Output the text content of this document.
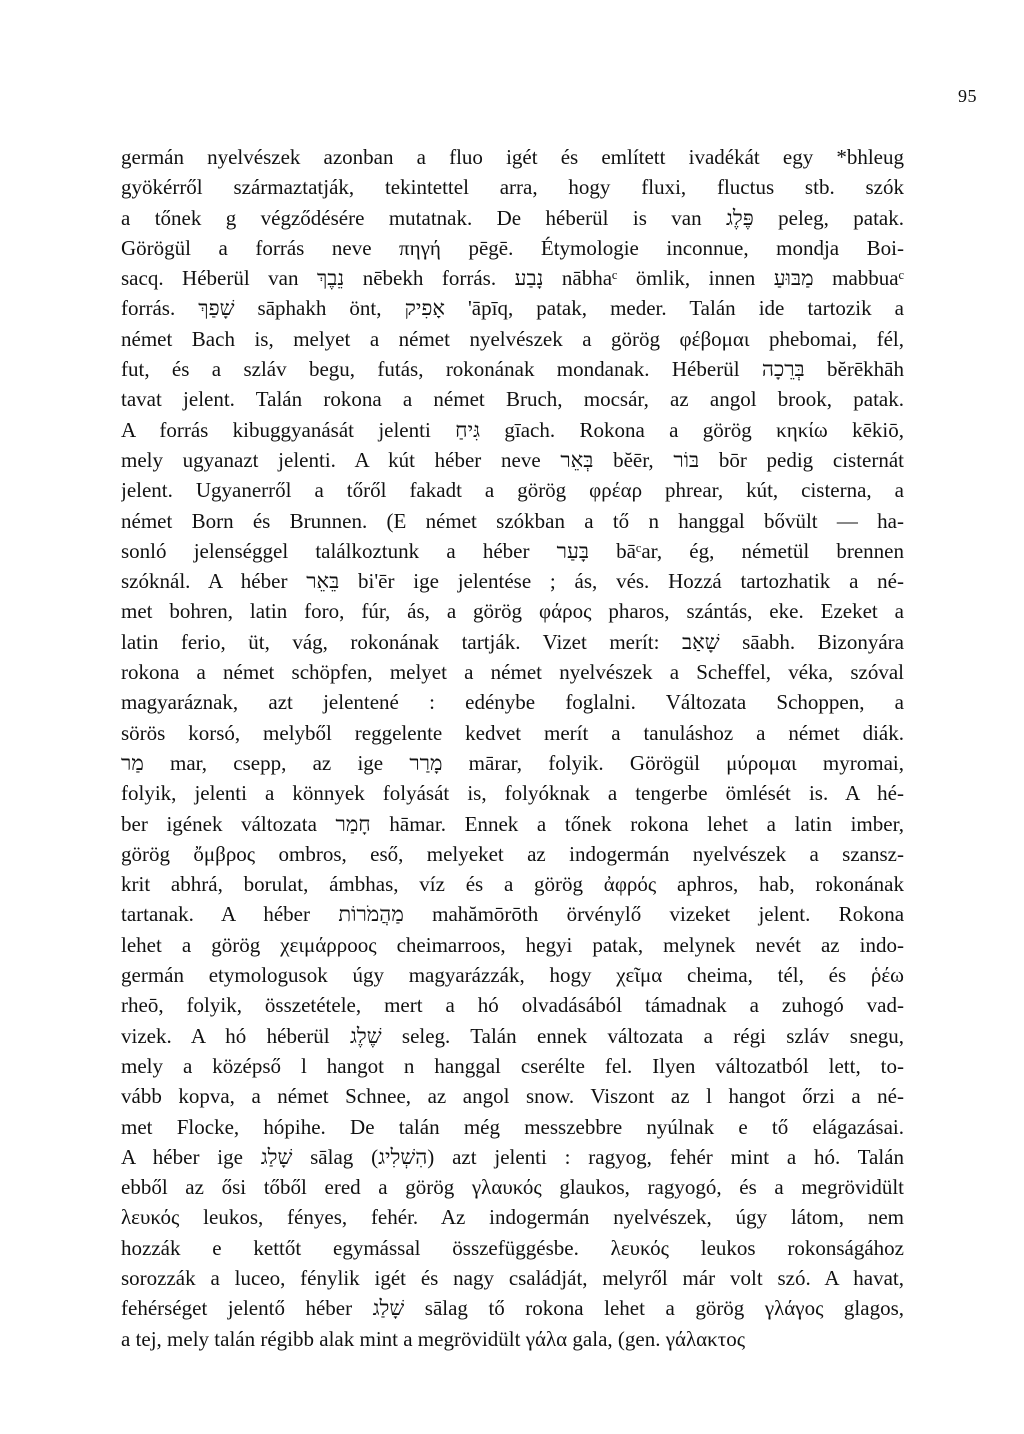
95
germán nyelvészek azonban a fluo igét és említett ivadékát egy *bhleug
gyökérről származtatják, tekintettel arra, hogy fluxi, fluctus stb. szók
a tőnek g végződésére mutatnak. De héberül is van פֶּלֶג peleg, patak.
Görögül a forrás neve πηγή pēgē. Étymologie inconnue, mondja Boi-
sacq. Héberül van נֵבֶךְ nēbekh forrás. נָבַע nābhaᶜ ömlik, innen מַבּוּעַ mabbuaᶜ
forrás. שָׁפַךְ sāphakh önt, אָפִיק 'āpīq, patak, meder. Talán ide tartozik a
német Bach is, melyet a német nyelvészek a görög φέβομαι phebomai, fél,
fut, és a szláv begu, futás, rokonának mondanak. Héberül בְּרֵכָה bĕrēkhāh
tavat jelent. Talán rokona a német Bruch, mocsár, az angol brook, patak.
A forrás kibuggyanását jelenti גִּיחַ gīach. Rokona a görög κηκίω kēkiō,
mely ugyanazt jelenti. A kút héber neve בְּאֵר bĕēr, בּוֹר bōr pedig cisternát
jelent. Ugyanerről a tőről fakadt a görög φρέαρ phrear, kút, cisterna, a
német Born és Brunnen. (E német szókban a tő n hanggal bővült — ha-
sonló jelenséggel találkoztunk a héber בָּעַר bāᶜar, ég, németül brennen
szóknál. A héber בֵּאֵר bi'ēr ige jelentése ; ás, vés. Hozzá tartozhatik a né-
met bohren, latin foro, fúr, ás, a görög φάρος pharos, szántás, eke. Ezeket a
latin ferio, üt, vág, rokonának tartják. Vizet merít: שָׁאַב sāabh. Bizonyára
rokona a német schöpfen, melyet a német nyelvészek a Scheffel, véka, szóval
magyaráznak, azt jelentené : edénybe foglalni. Változata Schoppen, a
sörös korsó, melyből reggelente kedvet merít a tanuláshoz a német diák.
מַר mar, csepp, az ige מָרַר mārar, folyik. Görögül μύρομαι myromai,
folyik, jelenti a könnyek folyását is, folyóknak a tengerbe ömlését is. A hé-
ber igének változata חָמַר hāmar. Ennek a tőnek rokona lehet a latin imber,
görög ὄμβρος ombros, eső, melyeket az indogermán nyelvészek a szansz-
krit abhrá, borulat, ámbhas, víz és a görög ἀφρός aphros, hab, rokonának
tartanak. A héber מַהֲמֹרוֹת mahămōrōth örvénylő vizeket jelent. Rokona
lehet a görög χειμάρροος cheimarroos, hegyi patak, melynek nevét az indo-
germán etymologusok úgy magyarázzák, hogy χεῖμα cheima, tél, és ῥέω
rheō, folyik, összetétele, mert a hó olvadásából támadnak a zuhogó vad-
vizek. A hó héberül שֶׁלֶג seleg. Talán ennek változata a régi szláv snegu,
mely a középső l hangot n hanggal cserélte fel. Ilyen változatból lett, to-
vább kopva, a német Schnee, az angol snow. Viszont az l hangot őrzi a né-
met Flocke, hópihe. De talán még messzebbre nyúlnak e tő elágazásai.
A héber ige שָׁלַג sālag (הִשְׁלִיג) azt jelenti : ragyog, fehér mint a hó. Talán
ebből az ősi tőből ered a görög γλαυκός glaukos, ragyogó, és a megrövidült
λευκός leukos, fényes, fehér. Az indogermán nyelvészek, úgy látom, nem
hozzák e kettőt egymással összefüggésbe. λευκός leukos rokonságához
sorozzák a luceo, fénylik igét és nagy családját, melyről már volt szó. A havat,
fehérséget jelentő héber שָׁלַג sālag tő rokona lehet a görög γλάγος glagos,
a tej, mely talán régibb alak mint a megrövidült γάλα gala, (gen. γάλακτος
